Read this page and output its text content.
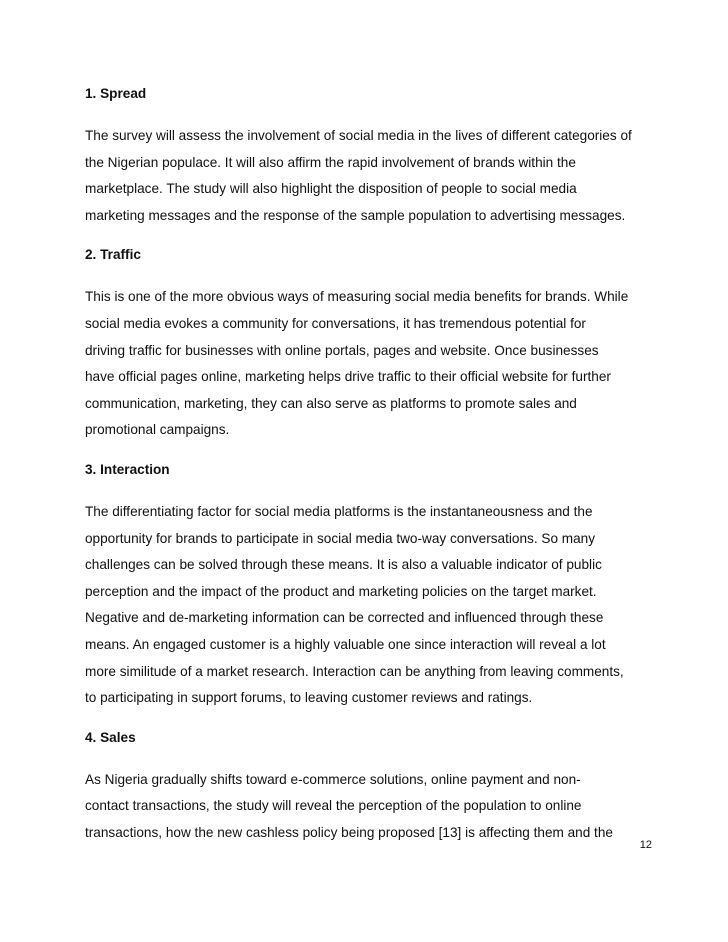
1. Spread

The survey will assess the involvement of social media in the lives of different categories of
the Nigerian populace. It will also affirm the rapid involvement of brands within the
marketplace. The study will also highlight the disposition of people to social media
marketing messages and the response of the sample population to advertising messages.

2. Traffic

This is one of the more obvious ways of measuring social media benefits for brands. While
social media evokes a community for conversations, it has tremendous potential for
driving traffic for businesses with online portals, pages and website. Once businesses
have official pages online, marketing helps drive traffic to their official website for further
communication, marketing, they can also serve as platforms to promote sales and
promotional campaigns.

3. Interaction

The differentiating factor for social media platforms is the instantaneousness and the
opportunity for brands to participate in social media two-way conversations. So many
challenges can be solved through these means. It is also a valuable indicator of public
perception and the impact of the product and marketing policies on the target market.
Negative and de-marketing information can be corrected and influenced through these
means. An engaged customer is a highly valuable one since interaction will reveal a lot
more similitude of a market research. Interaction can be anything from leaving comments,
to participating in support forums, to leaving customer reviews and ratings.

4. Sales

As Nigeria gradually shifts toward e-commerce solutions, online payment and non-
contact transactions, the study will reveal the perception of the population to online
transactions, how the new cashless policy being proposed [13] is affecting them and the

12
